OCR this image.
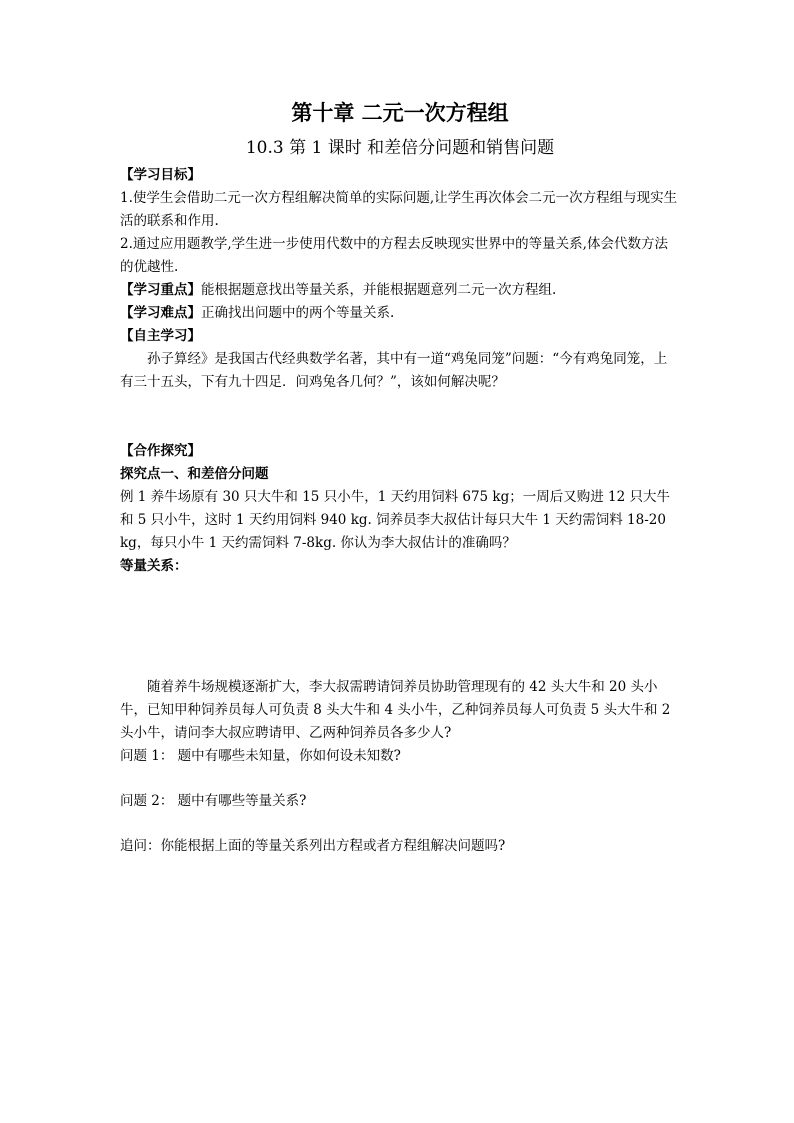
第十章 二元一次方程组

10.3 第 1 课时 和差倍分问题和销售问题

【学习目标】

1.使学生会借助二元一次方程组解决简单的实际问题,让学生再次体会二元一次方程组与现实生活的联系和作用.

2.通过应用题教学,学生进一步使用代数中的方程去反映现实世界中的等量关系,体会代数方法的优越性.

【学习重点】能根据题意找出等量关系，并能根据题意列二元一次方程组.

【学习难点】正确找出问题中的两个等量关系.

【自主学习】

孙子算经》是我国古代经典数学名著，其中有一道“鸡兔同笼”问题：“今有鸡兔同笼，上有三十五头，下有九十四足．问鸡兔各几何？”，该如何解决呢？

【合作探究】

探究点一、和差倍分问题

例 1 养牛场原有 30 只大牛和 15 只小牛，1 天约用饲料 675 kg；一周后又购进 12 只大牛和 5 只小牛，这时 1 天约用饲料 940 kg. 饲养员李大叔估计每只大牛 1 天约需饲料 18-20 kg，每只小牛 1 天约需饲料 7-8kg. 你认为李大叔估计的准确吗？

等量关系：

随着养牛场规模逐渐扩大，李大叔需聘请饲养员协助管理现有的 42 头大牛和 20 头小牛，已知甲种饲养员每人可负责 8 头大牛和 4 头小牛，乙种饲养员每人可负责 5 头大牛和 2 头小牛，请问李大叔应聘请甲、乙两种饲养员各多少人?

问题 1： 题中有哪些未知量，你如何设未知数?

问题 2： 题中有哪些等量关系?

追问：你能根据上面的等量关系列出方程或者方程组解决问题吗?
